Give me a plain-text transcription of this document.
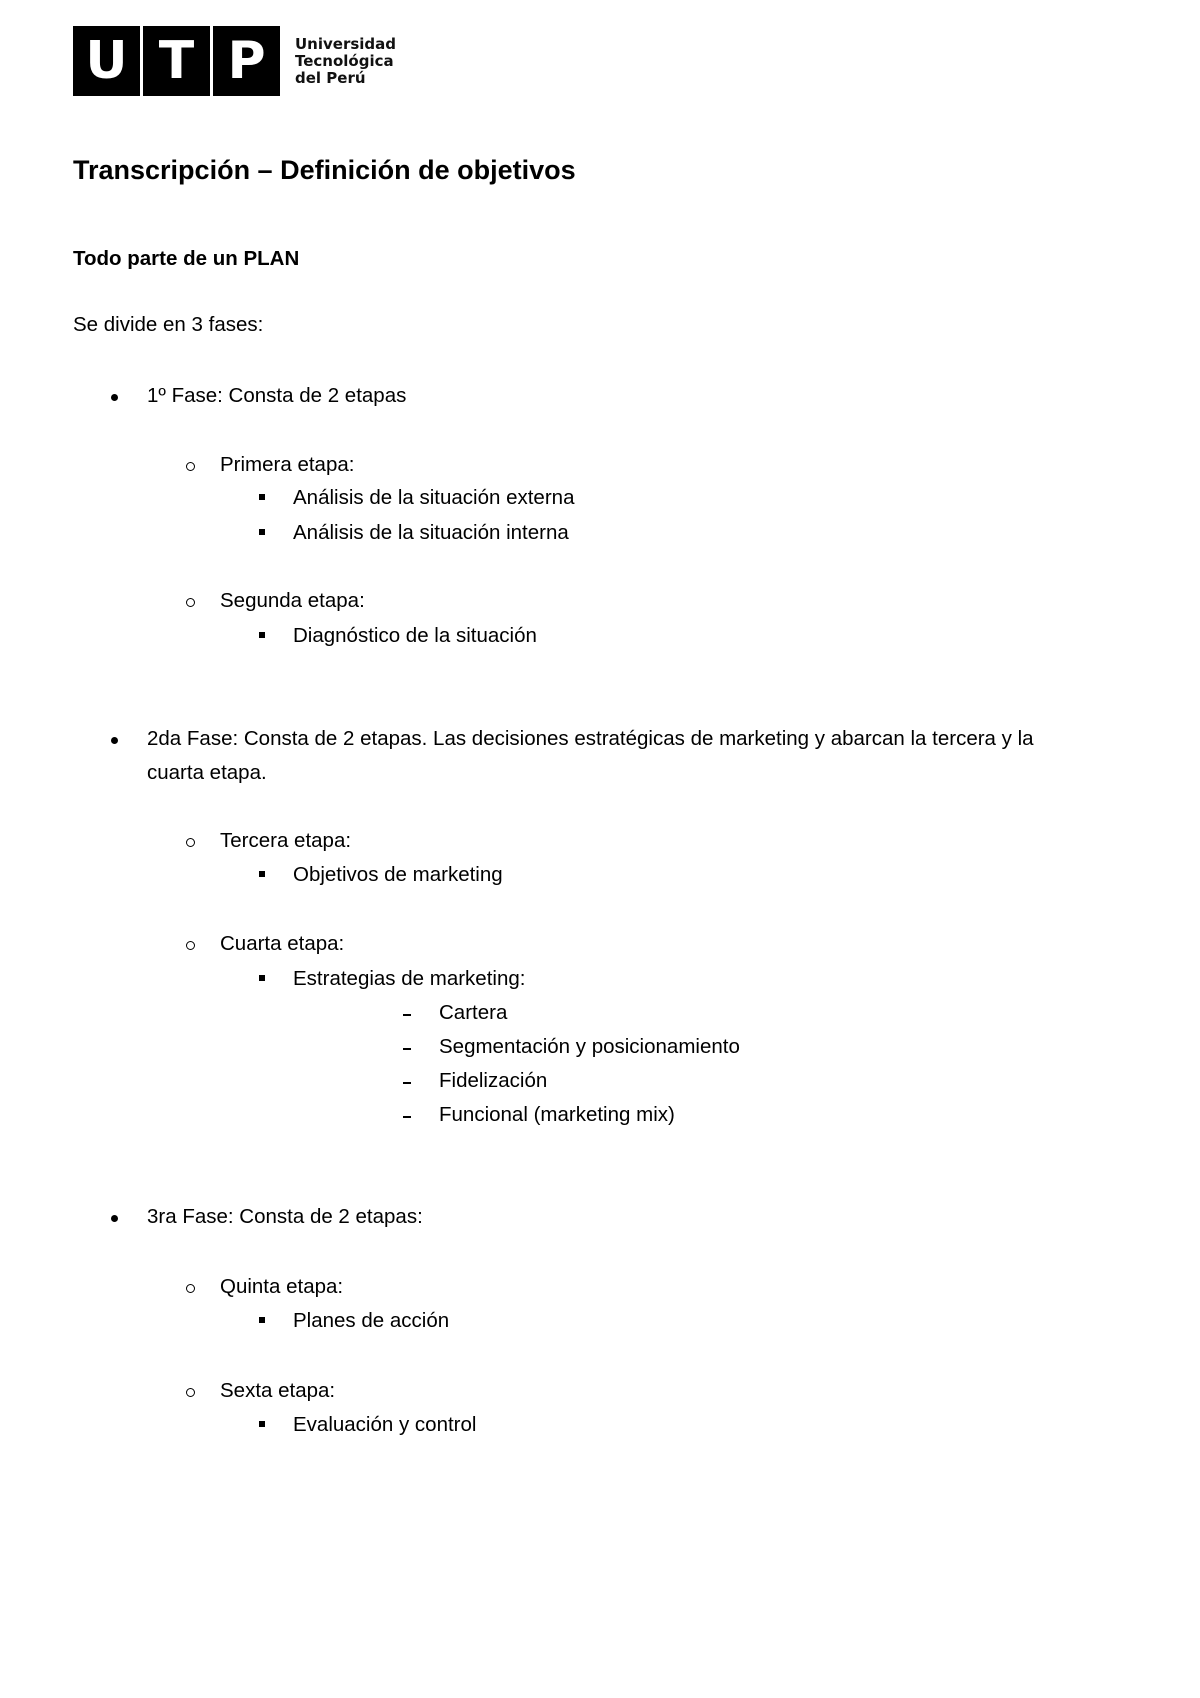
U T P	Universidad
Tecnológica
del Perú
Transcripción – Definición de objetivos
Todo parte de un PLAN
Se divide en 3 fases:
1º Fase: Consta de 2 etapas
Primera etapa:
Análisis de la situación externa
Análisis de la situación interna
Segunda etapa:
Diagnóstico de la situación
2da Fase: Consta de 2 etapas. Las decisiones estratégicas de marketing y abarcan la tercera y la
cuarta etapa.
Tercera etapa:
Objetivos de marketing
Cuarta etapa:
Estrategias de marketing:
Cartera
Segmentación y posicionamiento
Fidelización
Funcional (marketing mix)
3ra Fase: Consta de 2 etapas:
Quinta etapa:
Planes de acción
Sexta etapa:
Evaluación y control
